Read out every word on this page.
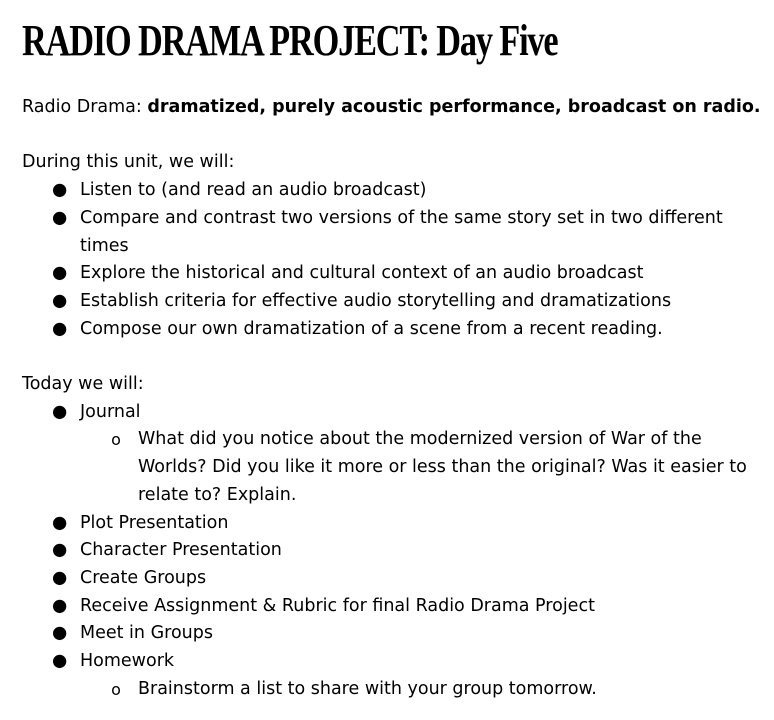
RADIO DRAMA PROJECT: Day Five

Radio Drama: dramatized, purely acoustic performance, broadcast on radio.

During this unit, we will:

● Listen to (and read an audio broadcast)
● Compare and contrast two versions of the same story set in two different times
● Explore the historical and cultural context of an audio broadcast
● Establish criteria for effective audio storytelling and dramatizations
● Compose our own dramatization of a scene from a recent reading.

Today we will:

● Journal
o What did you notice about the modernized version of War of the Worlds? Did you like it more or less than the original? Was it easier to relate to? Explain.
● Plot Presentation
● Character Presentation
● Create Groups
● Receive Assignment & Rubric for final Radio Drama Project
● Meet in Groups
● Homework
o Brainstorm a list to share with your group tomorrow.
